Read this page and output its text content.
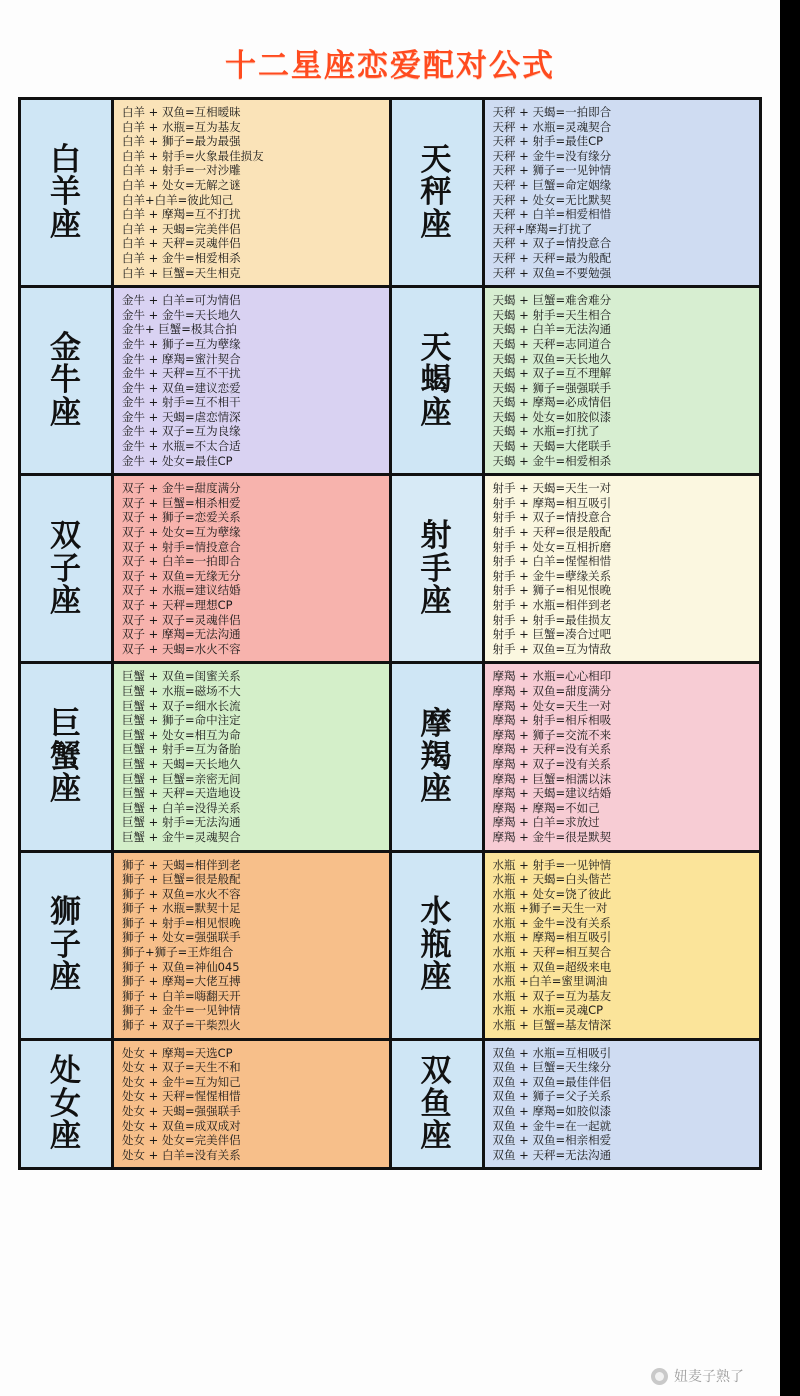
十二星座恋爱配对公式
白羊座
白羊 + 双鱼=互相暧昧
白羊 + 水瓶=互为基友
白羊 + 狮子=最为最强
白羊 + 射手=火象最佳损友
白羊 + 射手=一对沙雕
白羊 + 处女=无解之谜
白羊+白羊=彼此知己
白羊 + 摩羯=互不打扰
白羊 + 天蝎=完美伴侣
白羊 + 天秤=灵魂伴侣
白羊 + 金牛=相爱相杀
白羊 + 巨蟹=天生相克
天秤座
天秤 + 天蝎=一拍即合
天秤 + 水瓶=灵魂契合
天秤 + 射手=最佳CP
天秤 + 金牛=没有缘分
天秤 + 狮子=一见钟情
天秤 + 巨蟹=命定姻缘
天秤 + 处女=无比默契
天秤 + 白羊=相爱相惜
天秤+摩羯=打扰了
天秤 + 双子=情投意合
天秤 + 天秤=最为般配
天秤 + 双鱼=不要勉强
金牛座
金牛 + 白羊=可为情侣
金牛 + 金牛=天长地久
金牛+ 巨蟹=极其合拍
金牛 + 狮子=互为孽缘
金牛 + 摩羯=蜜汁契合
金牛 + 天秤=互不干扰
金牛 + 双鱼=建议恋爱
金牛 + 射手=互不相干
金牛 + 天蝎=虐恋情深
金牛 + 双子=互为良缘
金牛 + 水瓶=不太合适
金牛 + 处女=最佳CP
天蝎座
天蝎 + 巨蟹=难舍难分
天蝎 + 射手=天生相合
天蝎 + 白羊=无法沟通
天蝎 + 天秤=志同道合
天蝎 + 双鱼=天长地久
天蝎 + 双子=互不理解
天蝎 + 狮子=强强联手
天蝎 + 摩羯=必成情侣
天蝎 + 处女=如胶似漆
天蝎 + 水瓶=打扰了
天蝎 + 天蝎=大佬联手
天蝎 + 金牛=相爱相杀
双子座
双子 + 金牛=甜度满分
双子 + 巨蟹=相杀相爱
双子 + 狮子=恋爱关系
双子 + 处女=互为孽缘
双子 + 射手=情投意合
双子 + 白羊=一拍即合
双子 + 双鱼=无缘无分
双子 + 水瓶=建议结婚
双子 + 天秤=理想CP
双子 + 双子=灵魂伴侣
双子 + 摩羯=无法沟通
双子 + 天蝎=水火不容
射手座
射手 + 天蝎=天生一对
射手 + 摩羯=相互吸引
射手 + 双子=情投意合
射手 + 天秤=很是般配
射手 + 处女=互相折磨
射手 + 白羊=惺惺相惜
射手 + 金牛=孽缘关系
射手 + 狮子=相见恨晚
射手 + 水瓶=相伴到老
射手 + 射手=最佳损友
射手 + 巨蟹=凑合过吧
射手 + 双鱼=互为情敌
巨蟹座
巨蟹 + 双鱼=闺蜜关系
巨蟹 + 水瓶=磁场不大
巨蟹 + 双子=细水长流
巨蟹 + 狮子=命中注定
巨蟹 + 处女=相互为命
巨蟹 + 射手=互为备胎
巨蟹 + 天蝎=天长地久
巨蟹 + 巨蟹=亲密无间
巨蟹 + 天秤=天造地设
巨蟹 + 白羊=没得关系
巨蟹 + 射手=无法沟通
巨蟹 + 金牛=灵魂契合
摩羯座
摩羯 + 水瓶=心心相印
摩羯 + 双鱼=甜度满分
摩羯 + 处女=天生一对
摩羯 + 射手=相斥相吸
摩羯 + 狮子=交流不来
摩羯 + 天秤=没有关系
摩羯 + 双子=没有关系
摩羯 + 巨蟹=相濡以沫
摩羯 + 天蝎=建议结婚
摩羯 + 摩羯=不如己
摩羯 + 白羊=求放过
摩羯 + 金牛=很是默契
狮子座
狮子 + 天蝎=相伴到老
狮子 + 巨蟹=很是般配
狮子 + 双鱼=水火不容
狮子 + 水瓶=默契十足
狮子 + 射手=相见恨晚
狮子 + 处女=强强联手
狮子+狮子=王炸组合
狮子 + 双鱼=神仙045
狮子 + 摩羯=大佬互搏
狮子 + 白羊=嗨翻天开
狮子 + 金牛=一见钟情
狮子 + 双子=干柴烈火
水瓶座
水瓶 + 射手=一见钟情
水瓶 + 天蝎=白头偕芒
水瓶 + 处女=饶了彼此
水瓶 +狮子=天生一对
水瓶 + 金牛=没有关系
水瓶 + 摩羯=相互吸引
水瓶 + 天秤=相互契合
水瓶 + 双鱼=超级来电
水瓶 +白羊=蜜里调油
水瓶 + 双子=互为基友
水瓶 + 水瓶=灵魂CP
水瓶 + 巨蟹=基友情深
处女座
处女 + 摩羯=天选CP
处女 + 双子=天生不和
处女 + 金牛=互为知己
处女 + 天秤=惺惺相惜
处女 + 天蝎=强强联手
处女 + 双鱼=成双成对
处女 + 处女=完美伴侣
处女 + 白羊=没有关系
双鱼座
双鱼 + 水瓶=互相吸引
双鱼 + 巨蟹=天生缘分
双鱼 + 双鱼=最佳伴侣
双鱼 + 狮子=父子关系
双鱼 + 摩羯=如胶似漆
双鱼 + 金牛=在一起就
双鱼 + 双鱼=相亲相爱
双鱼 + 天秤=无法沟通
妞麦子熟了
